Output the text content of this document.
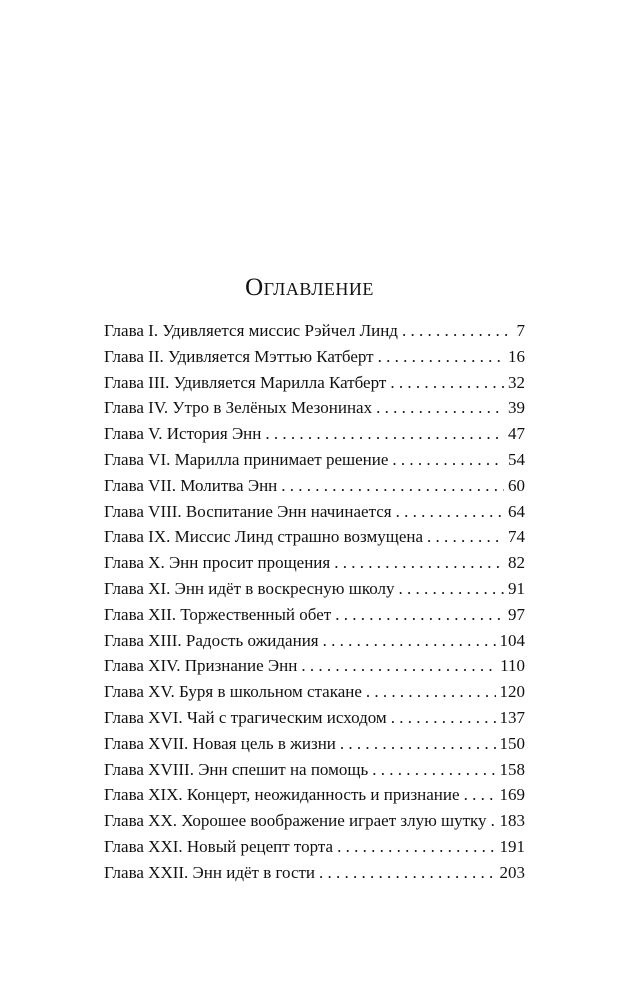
Оглавление
Глава I. Удивляется миссис Рэйчел Линд . . .	7
Глава II. Удивляется Мэттью Катберт . . .	16
Глава III. Удивляется Марилла Катберт . . .	32
Глава IV. Утро в Зелёных Мезонинах . . .	39
Глава V. История Энн . . .	47
Глава VI. Марилла принимает решение . . .	54
Глава VII. Молитва Энн . . .	60
Глава VIII. Воспитание Энн начинается . . .	64
Глава IX. Миссис Линд страшно возмущена . . .	74
Глава X. Энн просит прощения . . .	82
Глава XI. Энн идёт в воскресную школу . . .	91
Глава XII. Торжественный обет . . .	97
Глава XIII. Радость ожидания . . .	104
Глава XIV. Признание Энн . . .	110
Глава XV. Буря в школьном стакане . . .	120
Глава XVI. Чай с трагическим исходом . . .	137
Глава XVII. Новая цель в жизни . . .	150
Глава XVIII. Энн спешит на помощь . . .	158
Глава XIX. Концерт, неожиданность и признание . . . 169
Глава XX. Хорошее воображение играет злую шутку . . . 183
Глава XXI. Новый рецепт торта . . .	191
Глава XXII. Энн идёт в гости . . .	203
